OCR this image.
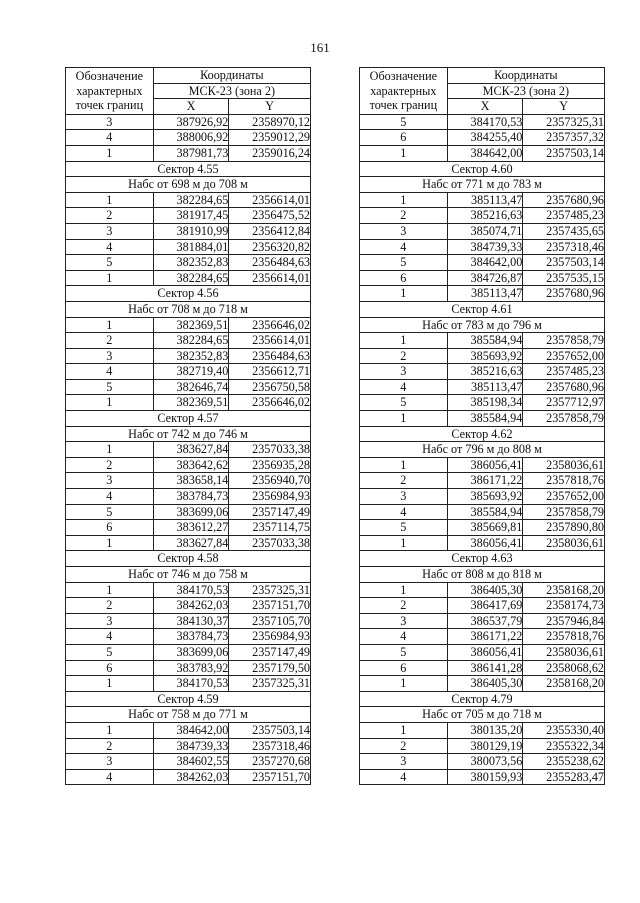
161
Обозначение
характерных
точек границ	Координаты	
	МСК-23 (зона 2)	
	X	Y
3	387926,92	2358970,12
4	388006,92	2359012,29
1	387981,73	2359016,24
Сектор 4.55		
Набс от 698 м до 708 м		
1	382284,65	2356614,01
2	381917,45	2356475,52
3	381910,99	2356412,84
4	381884,01	2356320,82
5	382352,83	2356484,63
1	382284,65	2356614,01
Сектор 4.56		
Набс от 708 м до 718 м		
1	382369,51	2356646,02
2	382284,65	2356614,01
3	382352,83	2356484,63
4	382719,40	2356612,71
5	382646,74	2356750,58
1	382369,51	2356646,02
Сектор 4.57		
Набс от 742 м до 746 м		
1	383627,84	2357033,38
2	383642,62	2356935,28
3	383658,14	2356940,70
4	383784,73	2356984,93
5	383699,06	2357147,49
6	383612,27	2357114,75
1	383627,84	2357033,38
Сектор 4.58		
Набс от 746 м до 758 м		
1	384170,53	2357325,31
2	384262,03	2357151,70
3	384130,37	2357105,70
4	383784,73	2356984,93
5	383699,06	2357147,49
6	383783,92	2357179,50
1	384170,53	2357325,31
Сектор 4.59		
Набс от 758 м до 771 м		
1	384642,00	2357503,14
2	384739,33	2357318,46
3	384602,55	2357270,68
4	384262,03	2357151,70
Обозначение
характерных
точек границ	Координаты	
	МСК-23 (зона 2)	
	X	Y
5	384170,53	2357325,31
6	384255,40	2357357,32
1	384642,00	2357503,14
Сектор 4.60		
Набс от 771 м до 783 м		
1	385113,47	2357680,96
2	385216,63	2357485,23
3	385074,71	2357435,65
4	384739,33	2357318,46
5	384642,00	2357503,14
6	384726,87	2357535,15
1	385113,47	2357680,96
Сектор 4.61		
Набс от 783 м до 796 м		
1	385584,94	2357858,79
2	385693,92	2357652,00
3	385216,63	2357485,23
4	385113,47	2357680,96
5	385198,34	2357712,97
1	385584,94	2357858,79
Сектор 4.62		
Набс от 796 м до 808 м		
1	386056,41	2358036,61
2	386171,22	2357818,76
3	385693,92	2357652,00
4	385584,94	2357858,79
5	385669,81	2357890,80
1	386056,41	2358036,61
Сектор 4.63		
Набс от 808 м до 818 м		
1	386405,30	2358168,20
2	386417,69	2358174,73
3	386537,79	2357946,84
4	386171,22	2357818,76
5	386056,41	2358036,61
6	386141,28	2358068,62
1	386405,30	2358168,20
Сектор 4.79		
Набс от 705 м до 718 м		
1	380135,20	2355330,40
2	380129,19	2355322,34
3	380073,56	2355238,62
4	380159,93	2355283,47
